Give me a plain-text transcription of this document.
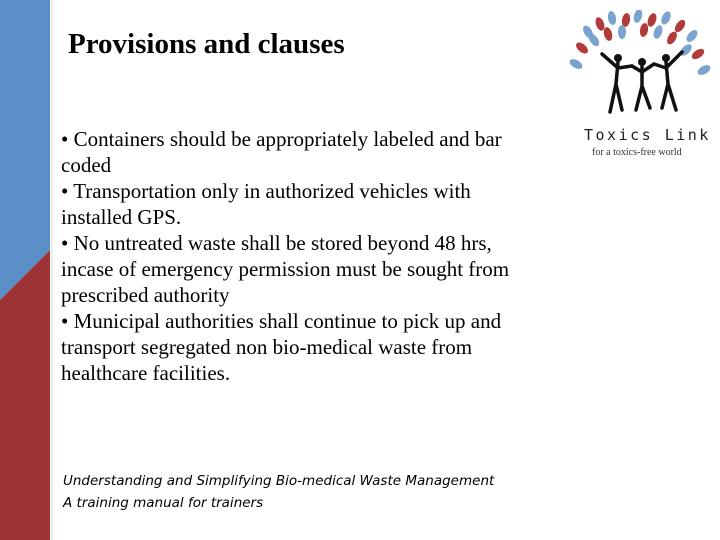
Provisions and clauses
• Containers should be appropriately labeled and bar coded
• Transportation only in authorized vehicles with installed GPS.
• No untreated waste shall be stored beyond 48 hrs, incase of emergency permission must be sought from prescribed authority
• Municipal authorities shall continue to pick up and transport segregated non bio-medical waste from healthcare facilities.
Understanding and Simplifying Bio-medical Waste Management
A training manual for trainers
Toxics Link
for a toxics-free world
